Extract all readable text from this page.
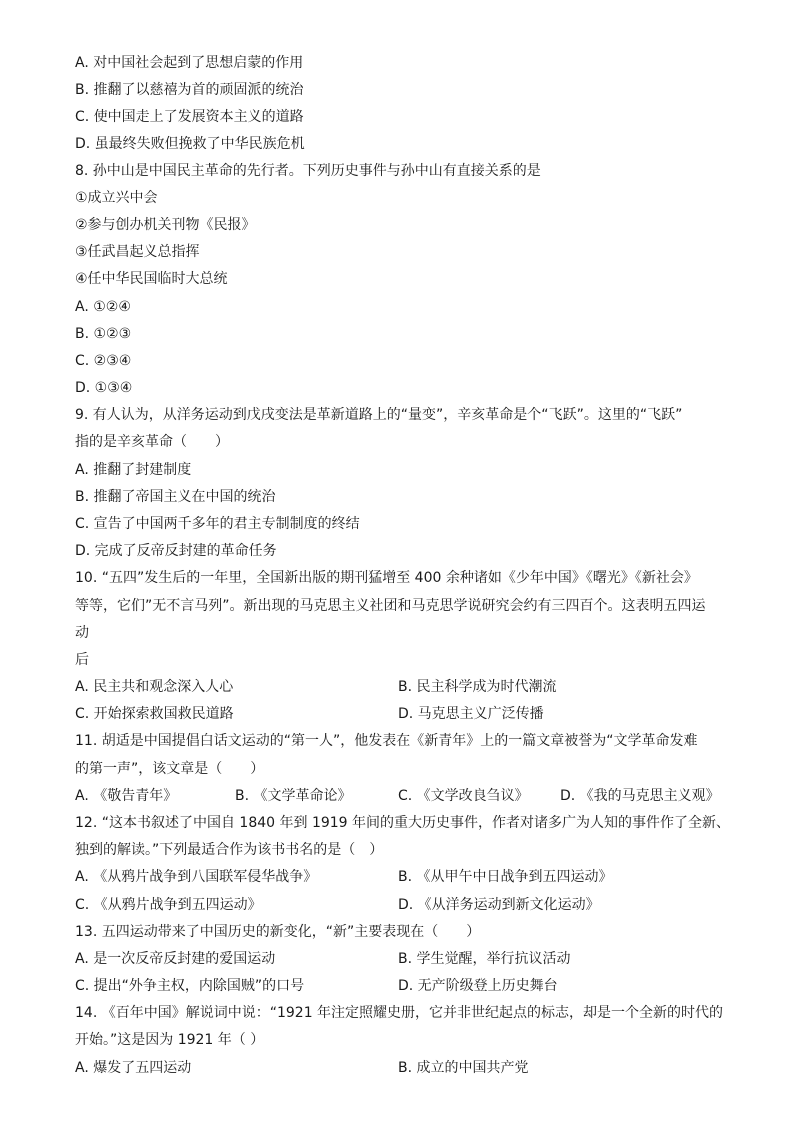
A. 对中国社会起到了思想启蒙的作用
B. 推翻了以慈禧为首的顽固派的统治
C. 使中国走上了发展资本主义的道路
D. 虽最终失败但挽救了中华民族危机
8. 孙中山是中国民主革命的先行者。下列历史事件与孙中山有直接关系的是
①成立兴中会
②参与创办机关刊物《民报》
③任武昌起义总指挥
④任中华民国临时大总统
A. ①②④
B. ①②③
C. ②③④
D. ①③④
9. 有人认为，从洋务运动到戊戌变法是革新道路上的“量变”，辛亥革命是个“飞跃”。这里的“飞跃”
指的是辛亥革命（　　）
A. 推翻了封建制度
B. 推翻了帝国主义在中国的统治
C. 宣告了中国两千多年的君主专制制度的终结
D. 完成了反帝反封建的革命任务
10. “五四”发生后的一年里，全国新出版的期刊猛增至 400 余种诸如《少年中国》《曙光》《新社会》
等等，它们”无不言马列”。新出现的马克思主义社团和马克思学说研究会约有三四百个。这表明五四运
动
后
A. 民主共和观念深入人心	B. 民主科学成为时代潮流
C. 开始探索救国救民道路	D. 马克思主义广泛传播
11. 胡适是中国提倡白话文运动的“第一人”，他发表在《新青年》上的一篇文章被誉为“文学革命发难
的第一声”，该文章是（　　）
A. 《敬告青年》	B. 《文学革命论》	C. 《文学改良刍议》 D. 《我的马克思主义观》
12. “这本书叙述了中国自 1840 年到 1919 年间的重大历史事件，作者对诸多广为人知的事件作了全新、
独到的解读。”下列最适合作为该书书名的是（　）
A. 《从鸦片战争到八国联军侵华战争》	B. 《从甲午中日战争到五四运动》
C. 《从鸦片战争到五四运动》	D. 《从洋务运动到新文化运动》
13. 五四运动带来了中国历史的新变化，“新”主要表现在（　　）
A. 是一次反帝反封建的爱国运动	B. 学生觉醒，举行抗议活动
C. 提出“外争主权，内除国贼”的口号	D. 无产阶级登上历史舞台
14. 《百年中国》解说词中说：“1921 年注定照耀史册，它并非世纪起点的标志，却是一个全新的时代的
开始。”这是因为 1921 年（ ）
A. 爆发了五四运动	B. 成立的中国共产党
